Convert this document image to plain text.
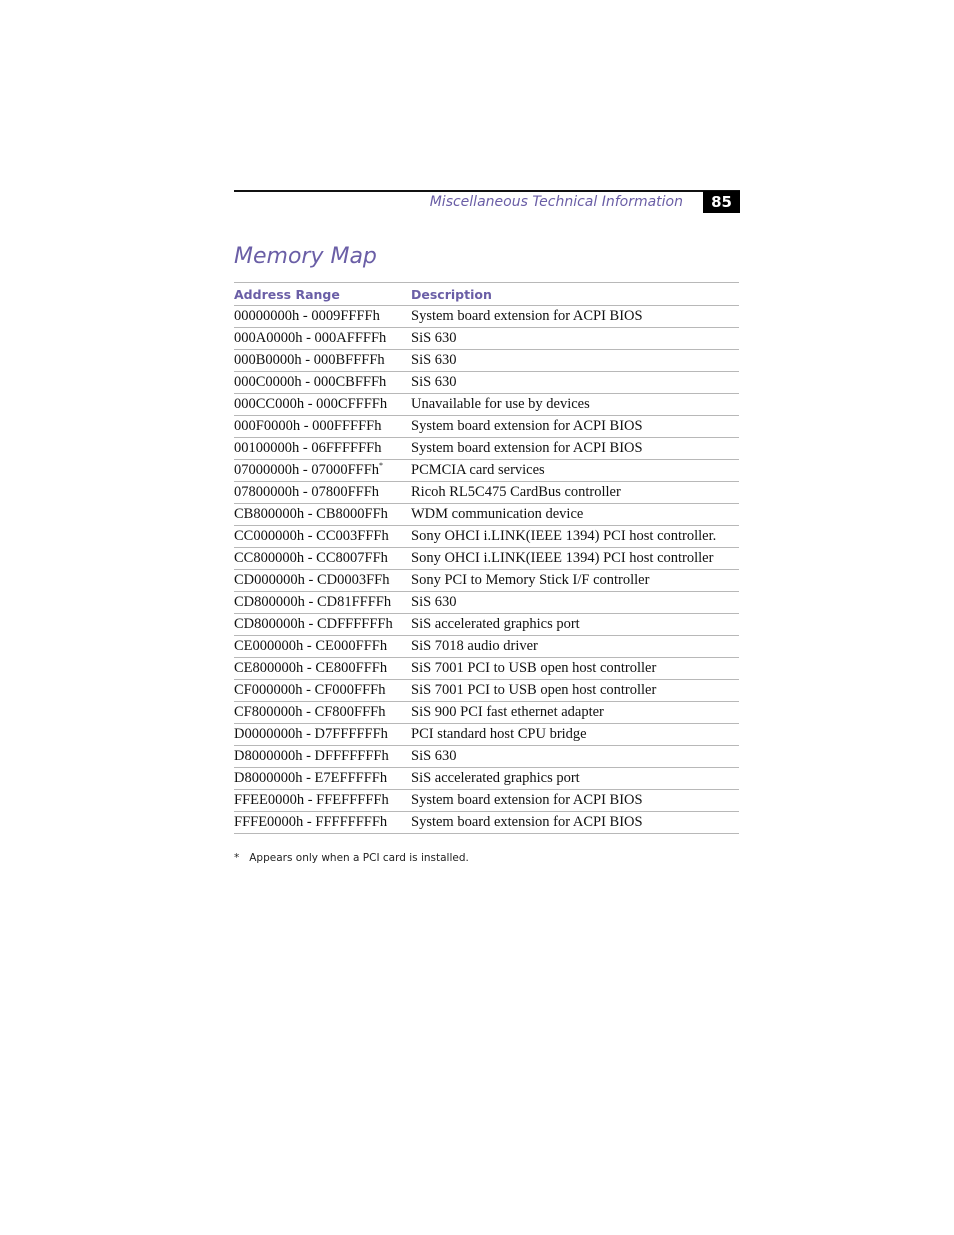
Miscellaneous Technical Information	85
Memory Map
Address Range	Description
00000000h - 0009FFFFh	System board extension for ACPI BIOS
000A0000h - 000AFFFFh	SiS 630
000B0000h - 000BFFFFh	SiS 630
000C0000h - 000CBFFFh	SiS 630
000CC000h - 000CFFFFh	Unavailable for use by devices
000F0000h - 000FFFFFh	System board extension for ACPI BIOS
00100000h - 06FFFFFFh	System board extension for ACPI BIOS
07000000h - 07000FFFh*	PCMCIA card services
07800000h - 07800FFFh	Ricoh RL5C475 CardBus controller
CB800000h - CB8000FFh	WDM communication device
CC000000h - CC003FFFh	Sony OHCI i.LINK(IEEE 1394) PCI host controller.
CC800000h - CC8007FFh	Sony OHCI i.LINK(IEEE 1394) PCI host controller
CD000000h - CD0003FFh	Sony PCI to Memory Stick I/F controller
CD800000h - CD81FFFFh	SiS 630
CD800000h - CDFFFFFFh	SiS accelerated graphics port
CE000000h - CE000FFFh	SiS 7018 audio driver
CE800000h - CE800FFFh	SiS 7001 PCI to USB open host controller
CF000000h - CF000FFFh	SiS 7001 PCI to USB open host controller
CF800000h - CF800FFFh	SiS 900 PCI fast ethernet adapter
D0000000h - D7FFFFFFh	PCI standard host CPU bridge
D8000000h - DFFFFFFFh	SiS 630
D8000000h - E7EFFFFFh	SiS accelerated graphics port
FFEE0000h - FFEFFFFFh	System board extension for ACPI BIOS
FFFE0000h - FFFFFFFFh	System board extension for ACPI BIOS
* Appears only when a PCI card is installed.
